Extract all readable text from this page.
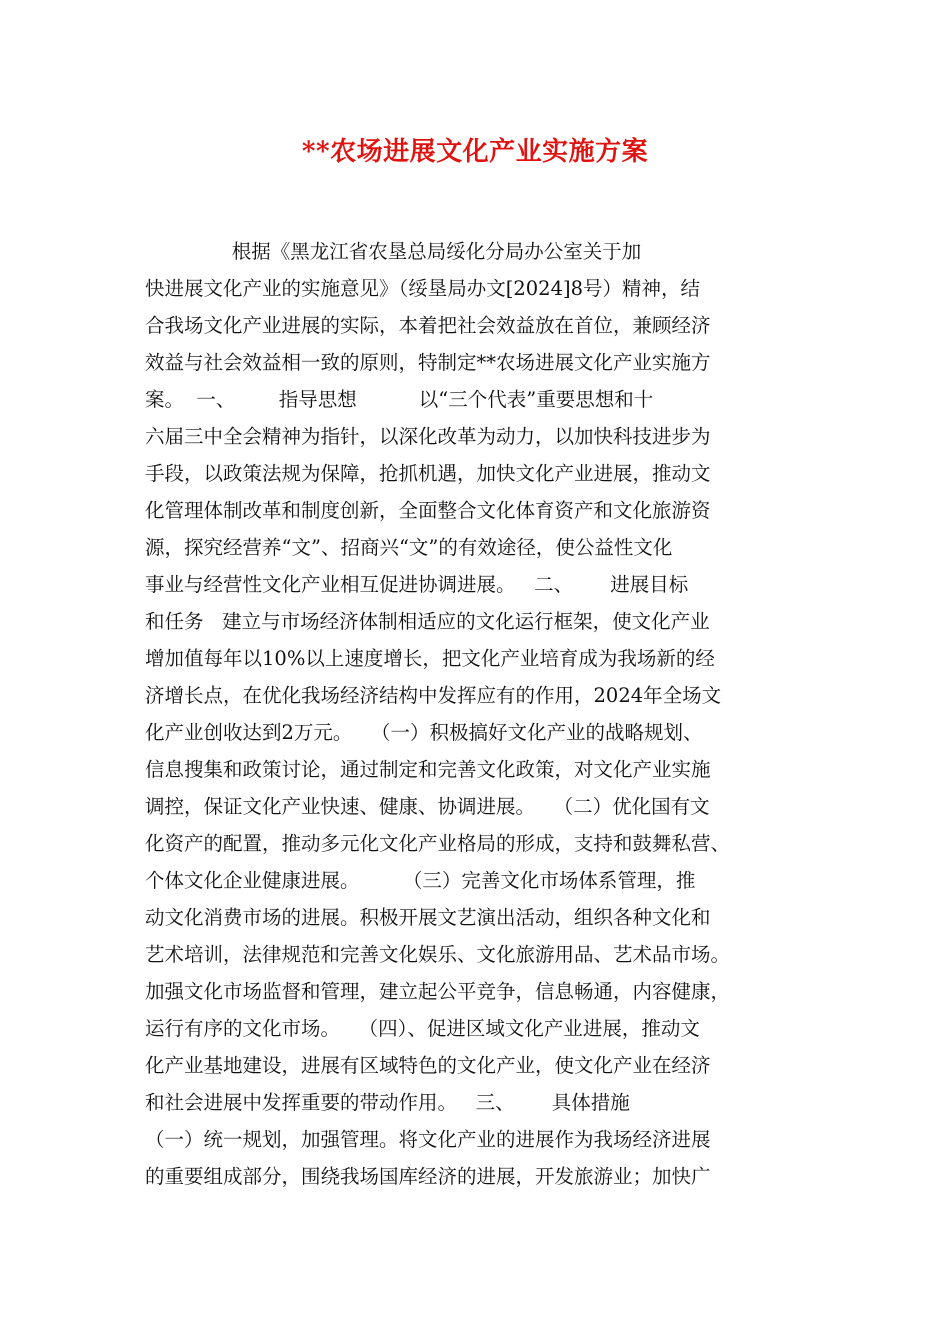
**农场进展文化产业实施方案
根据《黑龙江省农垦总局绥化分局办公室关于加
快进展文化产业的实施意见》（绥垦局办文[2024]8号）精神，结
合我场文化产业进展的实际，本着把社会效益放在首位，兼顾经济
效益与社会效益相一致的原则，特制定**农场进展文化产业实施方
案。  一、       指导思想          以“三个代表”重要思想和十
六届三中全会精神为指针，以深化改革为动力，以加快科技进步为
手段，以政策法规为保障，抢抓机遇，加快文化产业进展，推动文
化管理体制改革和制度创新，全面整合文化体育资产和文化旅游资
源，探究经营养“文”、招商兴“文”的有效途径，使公益性文化
事业与经营性文化产业相互促进协调进展。   二、      进展目标
和任务   建立与市场经济体制相适应的文化运行框架，使文化产业
增加值每年以10%以上速度增长，把文化产业培育成为我场新的经
济增长点，在优化我场经济结构中发挥应有的作用，2024年全场文
化产业创收达到2万元。   （一）积极搞好文化产业的战略规划、
信息搜集和政策讨论，通过制定和完善文化政策，对文化产业实施
调控，保证文化产业快速、健康、协调进展。   （二）优化国有文
化资产的配置，推动多元化文化产业格局的形成，支持和鼓舞私营、
个体文化企业健康进展。       （三）完善文化市场体系管理，推
动文化消费市场的进展。积极开展文艺演出活动，组织各种文化和
艺术培训，法律规范和完善文化娱乐、文化旅游用品、艺术品市场。
加强文化市场监督和管理，建立起公平竞争，信息畅通，内容健康，
运行有序的文化市场。   （四）、促进区域文化产业进展，推动文
化产业基地建设，进展有区域特色的文化产业，使文化产业在经济
和社会进展中发挥重要的带动作用。   三、      具体措施
（一）统一规划，加强管理。将文化产业的进展作为我场经济进展
的重要组成部分，围绕我场国库经济的进展，开发旅游业；加快广
